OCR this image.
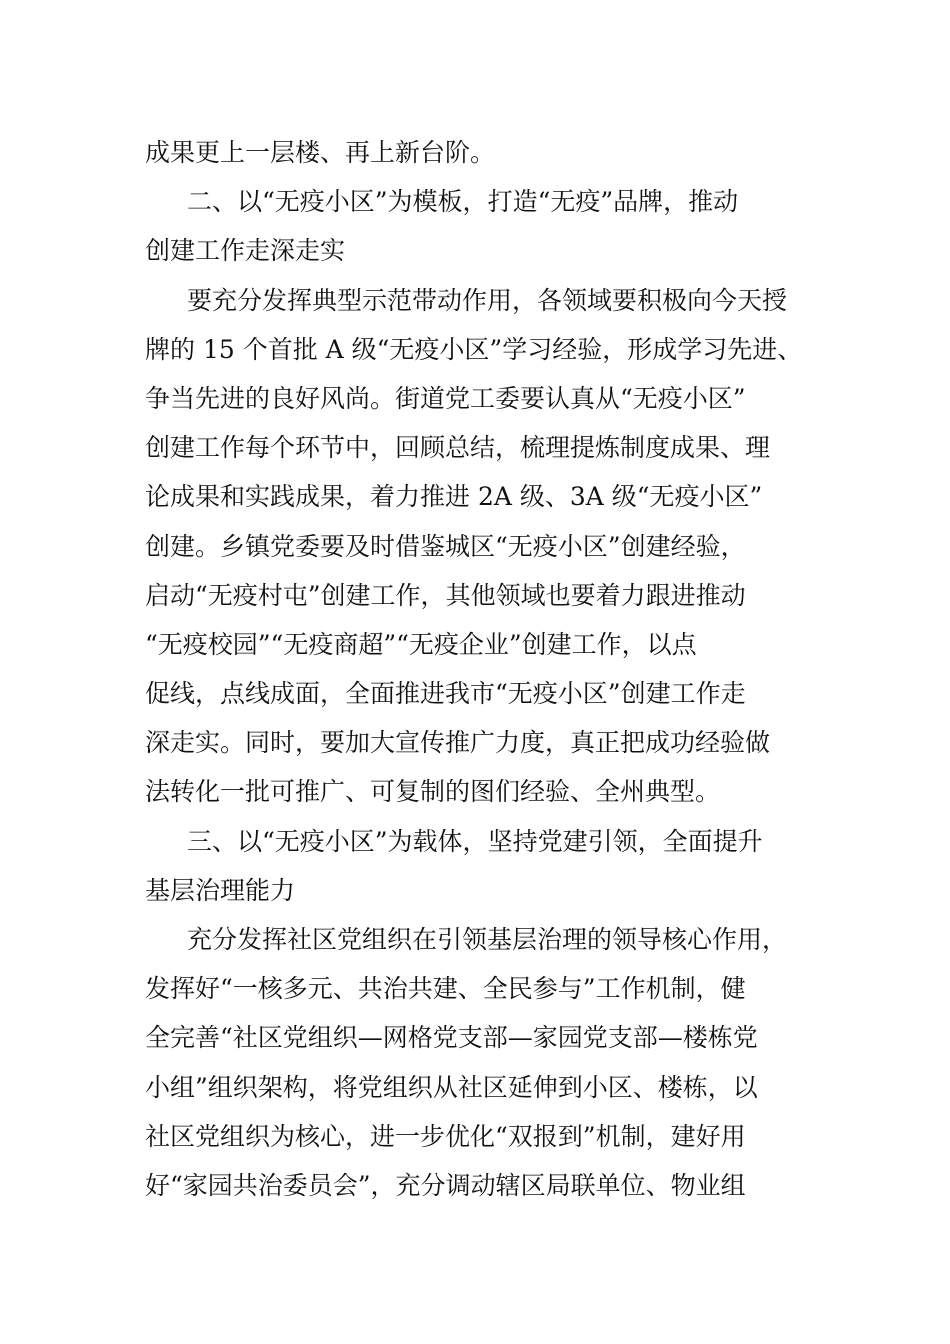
成果更上一层楼、再上新台阶。
二、以“无疫小区”为模板，打造“无疫”品牌，推动
创建工作走深走实
要充分发挥典型示范带动作用，各领域要积极向今天授
牌的 15 个首批 A 级“无疫小区”学习经验，形成学习先进、
争当先进的良好风尚。街道党工委要认真从“无疫小区”
创建工作每个环节中，回顾总结，梳理提炼制度成果、理
论成果和实践成果，着力推进 2A 级、3A 级“无疫小区”
创建。乡镇党委要及时借鉴城区“无疫小区”创建经验，
启动“无疫村屯”创建工作，其他领域也要着力跟进推动
“无疫校园”“无疫商超”“无疫企业”创建工作，以点
促线，点线成面，全面推进我市“无疫小区”创建工作走
深走实。同时，要加大宣传推广力度，真正把成功经验做
法转化一批可推广、可复制的图们经验、全州典型。
三、以“无疫小区”为载体，坚持党建引领，全面提升
基层治理能力
充分发挥社区党组织在引领基层治理的领导核心作用，
发挥好“一核多元、共治共建、全民参与”工作机制，健
全完善“社区党组织—网格党支部—家园党支部—楼栋党
小组”组织架构，将党组织从社区延伸到小区、楼栋，以
社区党组织为核心，进一步优化“双报到”机制，建好用
好“家园共治委员会”，充分调动辖区局联单位、物业组
